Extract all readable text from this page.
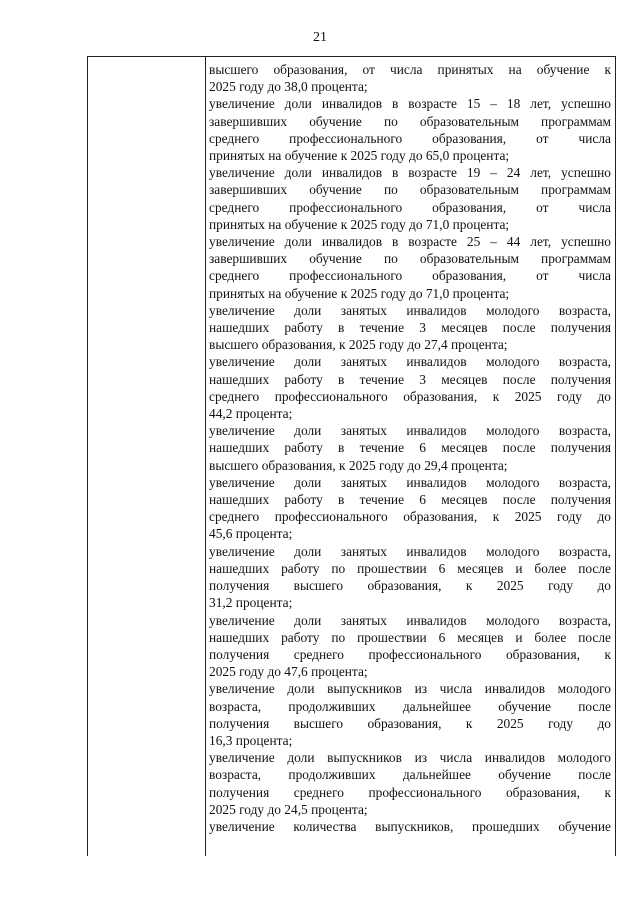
21
высшего образования, от числа принятых на обучение к
2025 году до 38,0 процента;
увеличение доли инвалидов в возрасте 15 – 18 лет, успешно
завершивших обучение по образовательным программам
среднего профессионального образования, от числа
принятых на обучение к 2025 году до 65,0 процента;
увеличение доли инвалидов в возрасте 19 – 24 лет, успешно
завершивших обучение по образовательным программам
среднего профессионального образования, от числа
принятых на обучение к 2025 году до 71,0 процента;
увеличение доли инвалидов в возрасте 25 – 44 лет, успешно
завершивших обучение по образовательным программам
среднего профессионального образования, от числа
принятых на обучение к 2025 году до 71,0 процента;
увеличение доли занятых инвалидов молодого возраста,
нашедших работу в течение 3 месяцев после получения
высшего образования, к 2025 году до 27,4 процента;
увеличение доли занятых инвалидов молодого возраста,
нашедших работу в течение 3 месяцев после получения
среднего профессионального образования, к 2025 году до
44,2 процента;
увеличение доли занятых инвалидов молодого возраста,
нашедших работу в течение 6 месяцев после получения
высшего образования, к 2025 году до 29,4 процента;
увеличение доли занятых инвалидов молодого возраста,
нашедших работу в течение 6 месяцев после получения
среднего профессионального образования, к 2025 году до
45,6 процента;
увеличение доли занятых инвалидов молодого возраста,
нашедших работу по прошествии 6 месяцев и более после
получения высшего образования, к 2025 году до
31,2 процента;
увеличение доли занятых инвалидов молодого возраста,
нашедших работу по прошествии 6 месяцев и более после
получения среднего профессионального образования, к
2025 году до 47,6 процента;
увеличение доли выпускников из числа инвалидов молодого
возраста, продолживших дальнейшее обучение после
получения высшего образования, к 2025 году до
16,3 процента;
увеличение доли выпускников из числа инвалидов молодого
возраста, продолживших дальнейшее обучение после
получения среднего профессионального образования, к
2025 году до 24,5 процента;
увеличение количества выпускников, прошедших обучение
